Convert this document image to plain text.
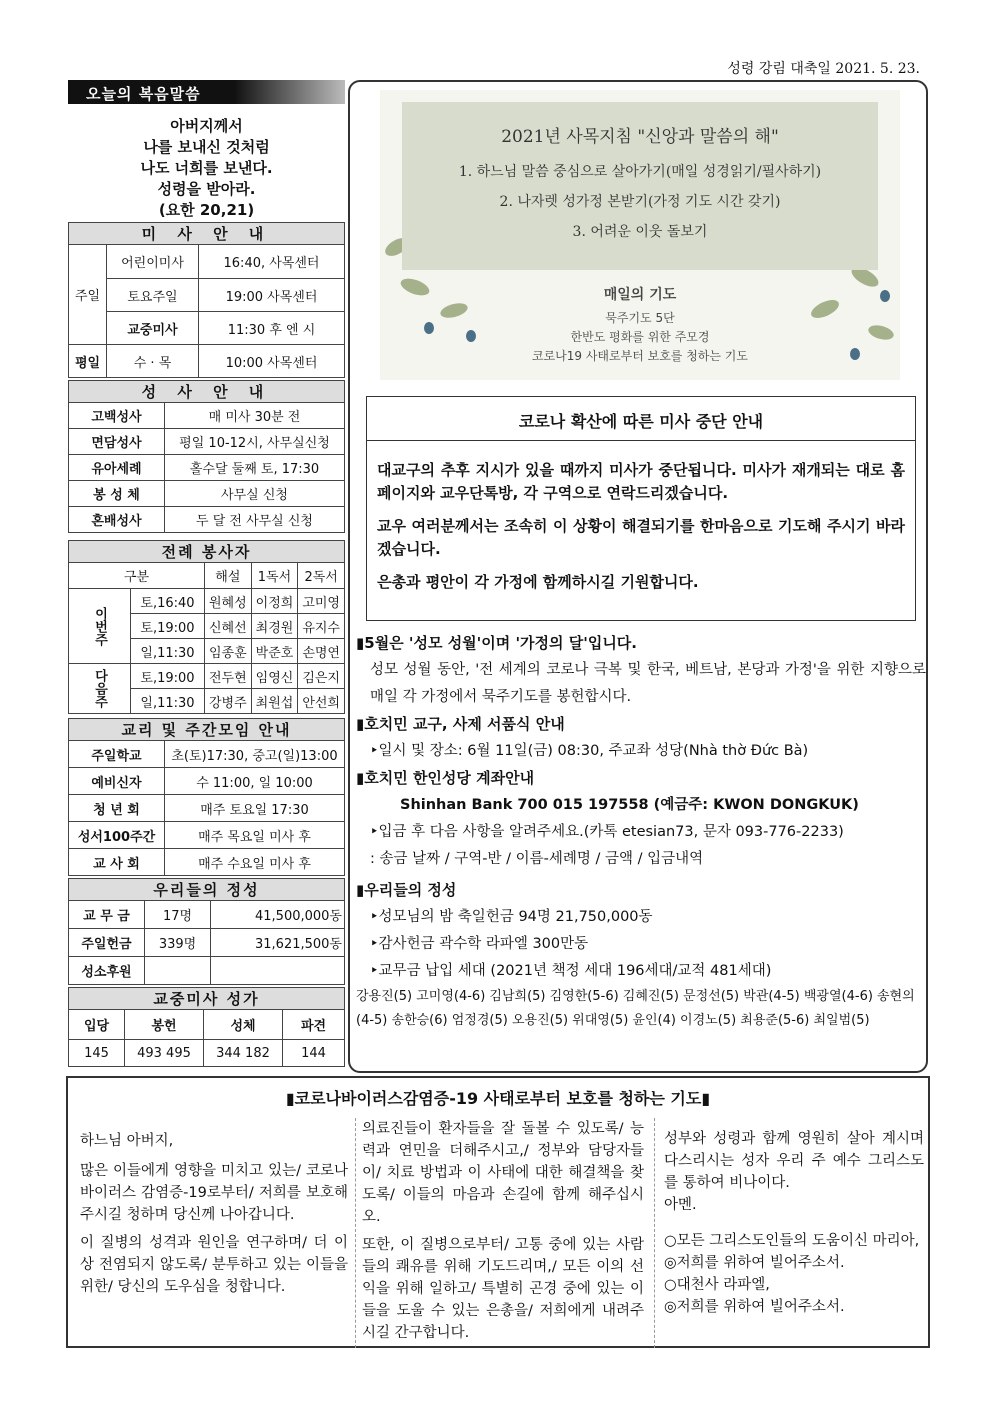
성령 강림 대축일 2021. 5. 23.
오늘의 복음말씀
아버지께서
나를 보내신 것처럼
나도 너희를 보낸다.
성령을 받아라.
(요한 20,21)
미 사 안 내		
주일	어린이미사	16:40, 사목센터
	토요주일	19:00 사목센터
	교중미사	11:30 후 엔 시
평일	수 · 목	10:00 사목센터
성 사 안 내	
고백성사	매 미사 30분 전
면담성사	평일 10-12시, 사무실신청
유아세례	홀수달 둘째 토, 17:30
봉 성 체	사무실 신청
혼배성사	두 달 전 사무실 신청
전례 봉사자				
구분		해설	1독서	2독서
이번주	토,16:40	원혜성	이정희	고미영
	토,19:00	신혜선	최경원	유지수
	일,11:30	임종훈	박준호	손명연
다음주	토,19:00	전두현	임영신	김은지
	일,11:30	강병주	최원섭	안선희
교리 및 주간모임 안내	
주일학교	초(토)17:30, 중고(일)13:00
예비신자	수 11:00, 일 10:00
청 년 회	매주 토요일 17:30
성서100주간	매주 목요일 미사 후
교 사 회	매주 수요일 미사 후
우리들의 정성		
교 무 금	17명	41,500,000동
주일헌금	339명	31,621,500동
성소후원		
교중미사 성가			
입당	봉헌	성체	파견
145	493 495	344 182	144
2021년 사목지침 "신앙과 말씀의 해"
1. 하느님 말씀 중심으로 살아가기(매일 성경읽기/필사하기)
2. 나자렛 성가정 본받기(가정 기도 시간 갖기)
3. 어려운 이웃 돌보기
매일의 기도
묵주기도 5단
한반도 평화를 위한 주모경
코로나19 사태로부터 보호를 청하는 기도
코로나 확산에 따른 미사 중단 안내

대교구의 추후 지시가 있을 때까지 미사가 중단됩니다. 미사가 재개되는 대로 홈페이지와 교우단톡방, 각 구역으로 연락드리겠습니다.

교우 여러분께서는 조속히 이 상황이 해결되기를 한마음으로 기도해 주시기 바라겠습니다.

은총과 평안이 각 가정에 함께하시길 기원합니다.

▮5월은 '성모 성월'이며 '가정의 달'입니다.
성모 성월 동안, '전 세계의 코로나 극복 및 한국, 베트남, 본당과 가정'을 위한 지향으로 매일 각 가정에서 묵주기도를 봉헌합시다.
▮호치민 교구, 사제 서품식 안내
‣일시 및 장소: 6월 11일(금) 08:30, 주교좌 성당(Nhà thờ Đức Bà)
▮호치민 한인성당 계좌안내
Shinhan Bank 700 015 197558 (예금주: KWON DONGKUK)
‣입금 후 다음 사항을 알려주세요.(카톡 etesian73, 문자 093-776-2233)
: 송금 날짜 / 구역-반 / 이름-세례명 / 금액 / 입금내역
▮우리들의 정성
‣성모님의 밤 축일헌금 94명 21,750,000동
‣감사헌금 곽수학 라파엘 300만동
‣교무금 납입 세대 (2021년 책정 세대 196세대/교적 481세대)
강용진(5) 고미영(4-6) 김남희(5) 김영한(5-6) 김혜진(5) 문정선(5) 박관(4-5) 백광열(4-6) 송현의(4-5) 송한승(6) 엄정경(5) 오용진(5) 위대영(5) 윤인(4) 이경노(5) 최용준(5-6) 최일범(5)
▮코로나바이러스감염증-19 사태로부터 보호를 청하는 기도▮

하느님 아버지,

많은 이들에게 영향을 미치고 있는/ 코로나 바이러스 감염증-19로부터/ 저희를 보호해주시길 청하며 당신께 나아갑니다.

이 질병의 성격과 원인을 연구하며/ 더 이상 전염되지 않도록/ 분투하고 있는 이들을 위한/ 당신의 도우심을 청합니다.

의료진들이 환자들을 잘 돌볼 수 있도록/ 능력과 연민을 더해주시고,/ 정부와 담당자들이/ 치료 방법과 이 사태에 대한 해결책을 찾도록/ 이들의 마음과 손길에 함께 해주십시오.

또한, 이 질병으로부터/ 고통 중에 있는 사람들의 쾌유를 위해 기도드리며,/ 모든 이의 선익을 위해 일하고/ 특별히 곤경 중에 있는 이들을 도울 수 있는 은총을/ 저희에게 내려주시길 간구합니다.

성부와 성령과 함께 영원히 살아 계시며 다스리시는 성자 우리 주 예수 그리스도를 통하여 비나이다.

아멘.

○모든 그리스도인들의 도움이신 마리아,

◎저희를 위하여 빌어주소서.

○대천사 라파엘,

◎저희를 위하여 빌어주소서.
